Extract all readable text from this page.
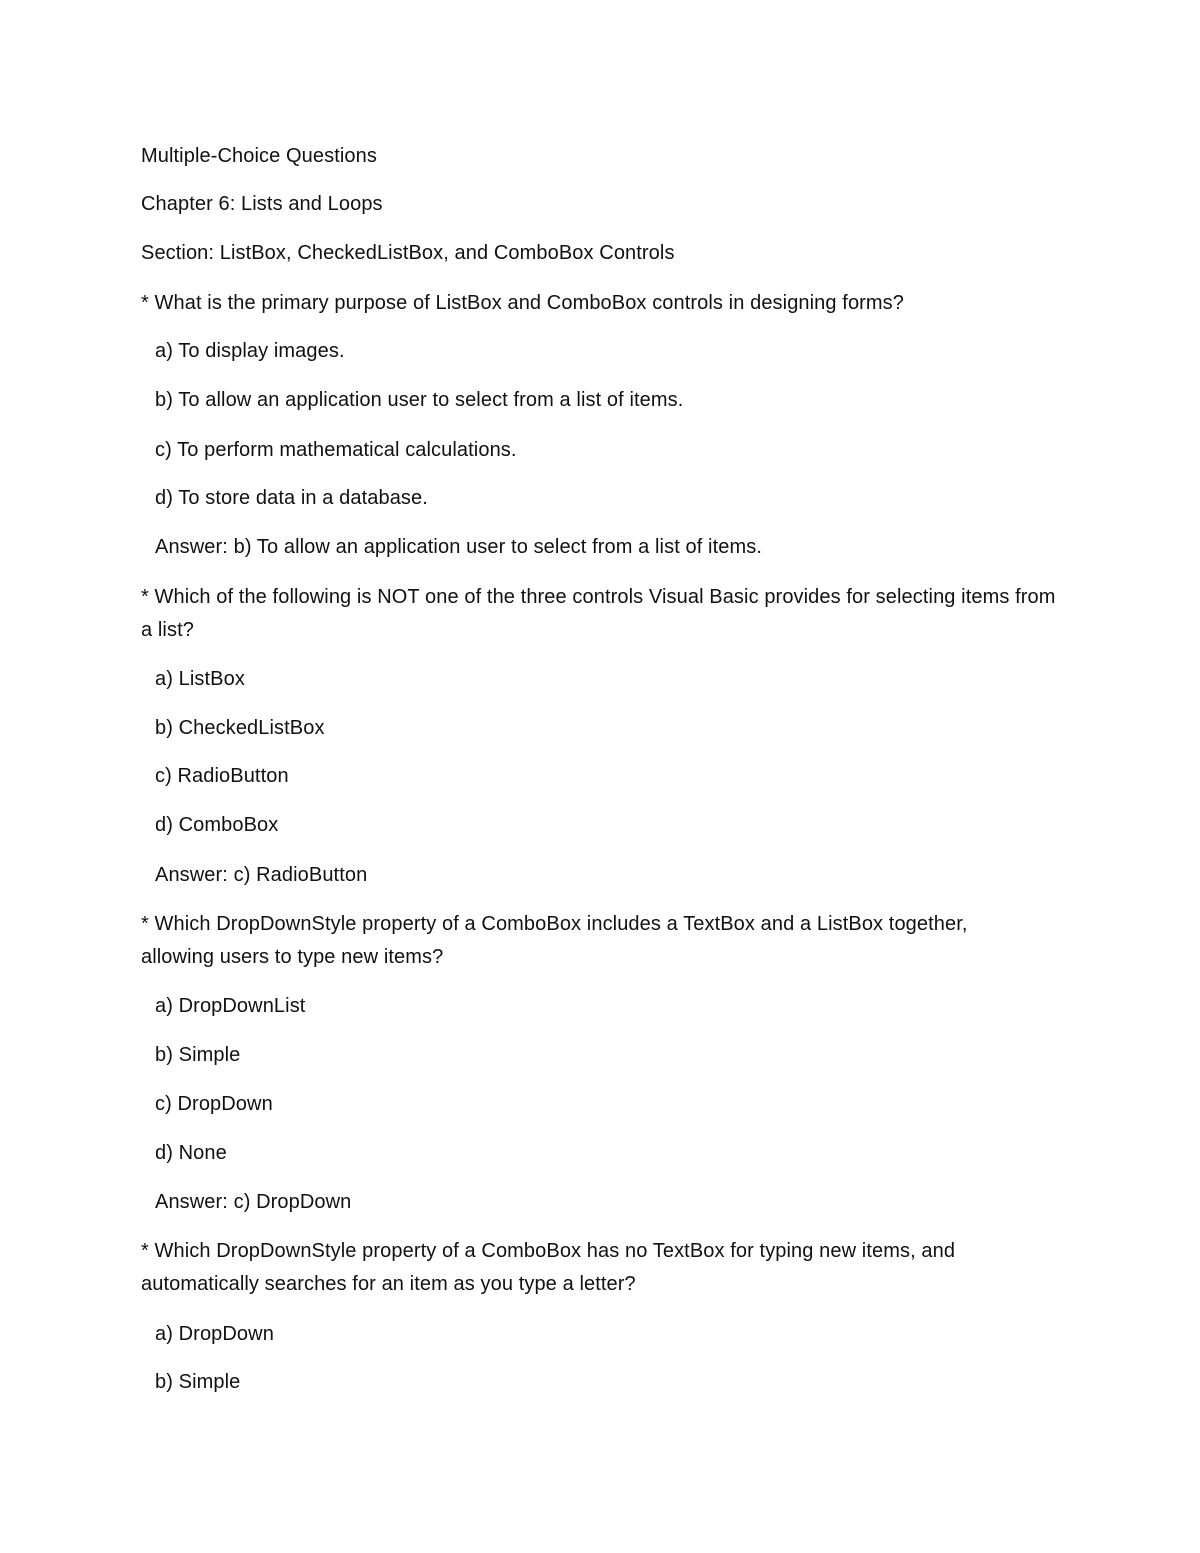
Multiple-Choice Questions
Chapter 6: Lists and Loops
Section: ListBox, CheckedListBox, and ComboBox Controls
* What is the primary purpose of ListBox and ComboBox controls in designing forms?
a) To display images.
b) To allow an application user to select from a list of items.
c) To perform mathematical calculations.
d) To store data in a database.
Answer: b) To allow an application user to select from a list of items.
* Which of the following is NOT one of the three controls Visual Basic provides for selecting items from a list?
a) ListBox
b) CheckedListBox
c) RadioButton
d) ComboBox
Answer: c) RadioButton
* Which DropDownStyle property of a ComboBox includes a TextBox and a ListBox together, allowing users to type new items?
a) DropDownList
b) Simple
c) DropDown
d) None
Answer: c) DropDown
* Which DropDownStyle property of a ComboBox has no TextBox for typing new items, and automatically searches for an item as you type a letter?
a) DropDown
b) Simple
